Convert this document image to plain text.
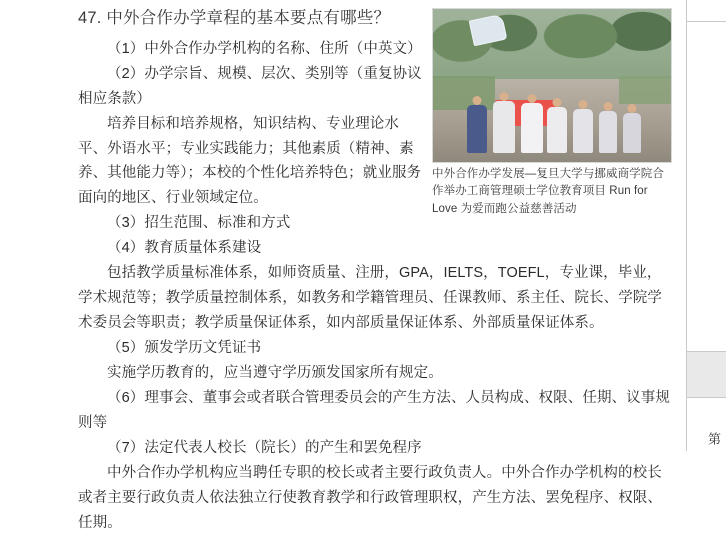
中外合作办学发展—复旦大学与挪威商学院合作举办工商管理硕士学位教育项目 Run for Love 为爱而跑公益慈善活动
47. 中外合作办学章程的基本要点有哪些？

（1）中外合作办学机构的名称、住所（中英文）

（2）办学宗旨、规模、层次、类别等（重复协议相应条款）

培养目标和培养规格，知识结构、专业理论水平、外语水平；专业实践能力；其他素质（精神、素养、其他能力等）；本校的个性化培养特色；就业服务面向的地区、行业领域定位。

（3）招生范围、标准和方式

（4）教育质量体系建设

包括教学质量标准体系，如师资质量、注册，GPA，IELTS，TOEFL，专业课，毕业，学术规范等；教学质量控制体系，如教务和学籍管理员、任课教师、系主任、院长、学院学术委员会等职责；教学质量保证体系，如内部质量保证体系、外部质量保证体系。

（5）颁发学历文凭证书

实施学历教育的，应当遵守学历颁发国家所有规定。

（6）理事会、董事会或者联合管理委员会的产生方法、人员构成、权限、任期、议事规则等

（7）法定代表人校长（院长）的产生和罢免程序

中外合作办学机构应当聘任专职的校长或者主要行政负责人。中外合作办学机构的校长或者主要行政负责人依法独立行使教育教学和行政管理职权，产生方法、罢免程序、权限、任期。

第
